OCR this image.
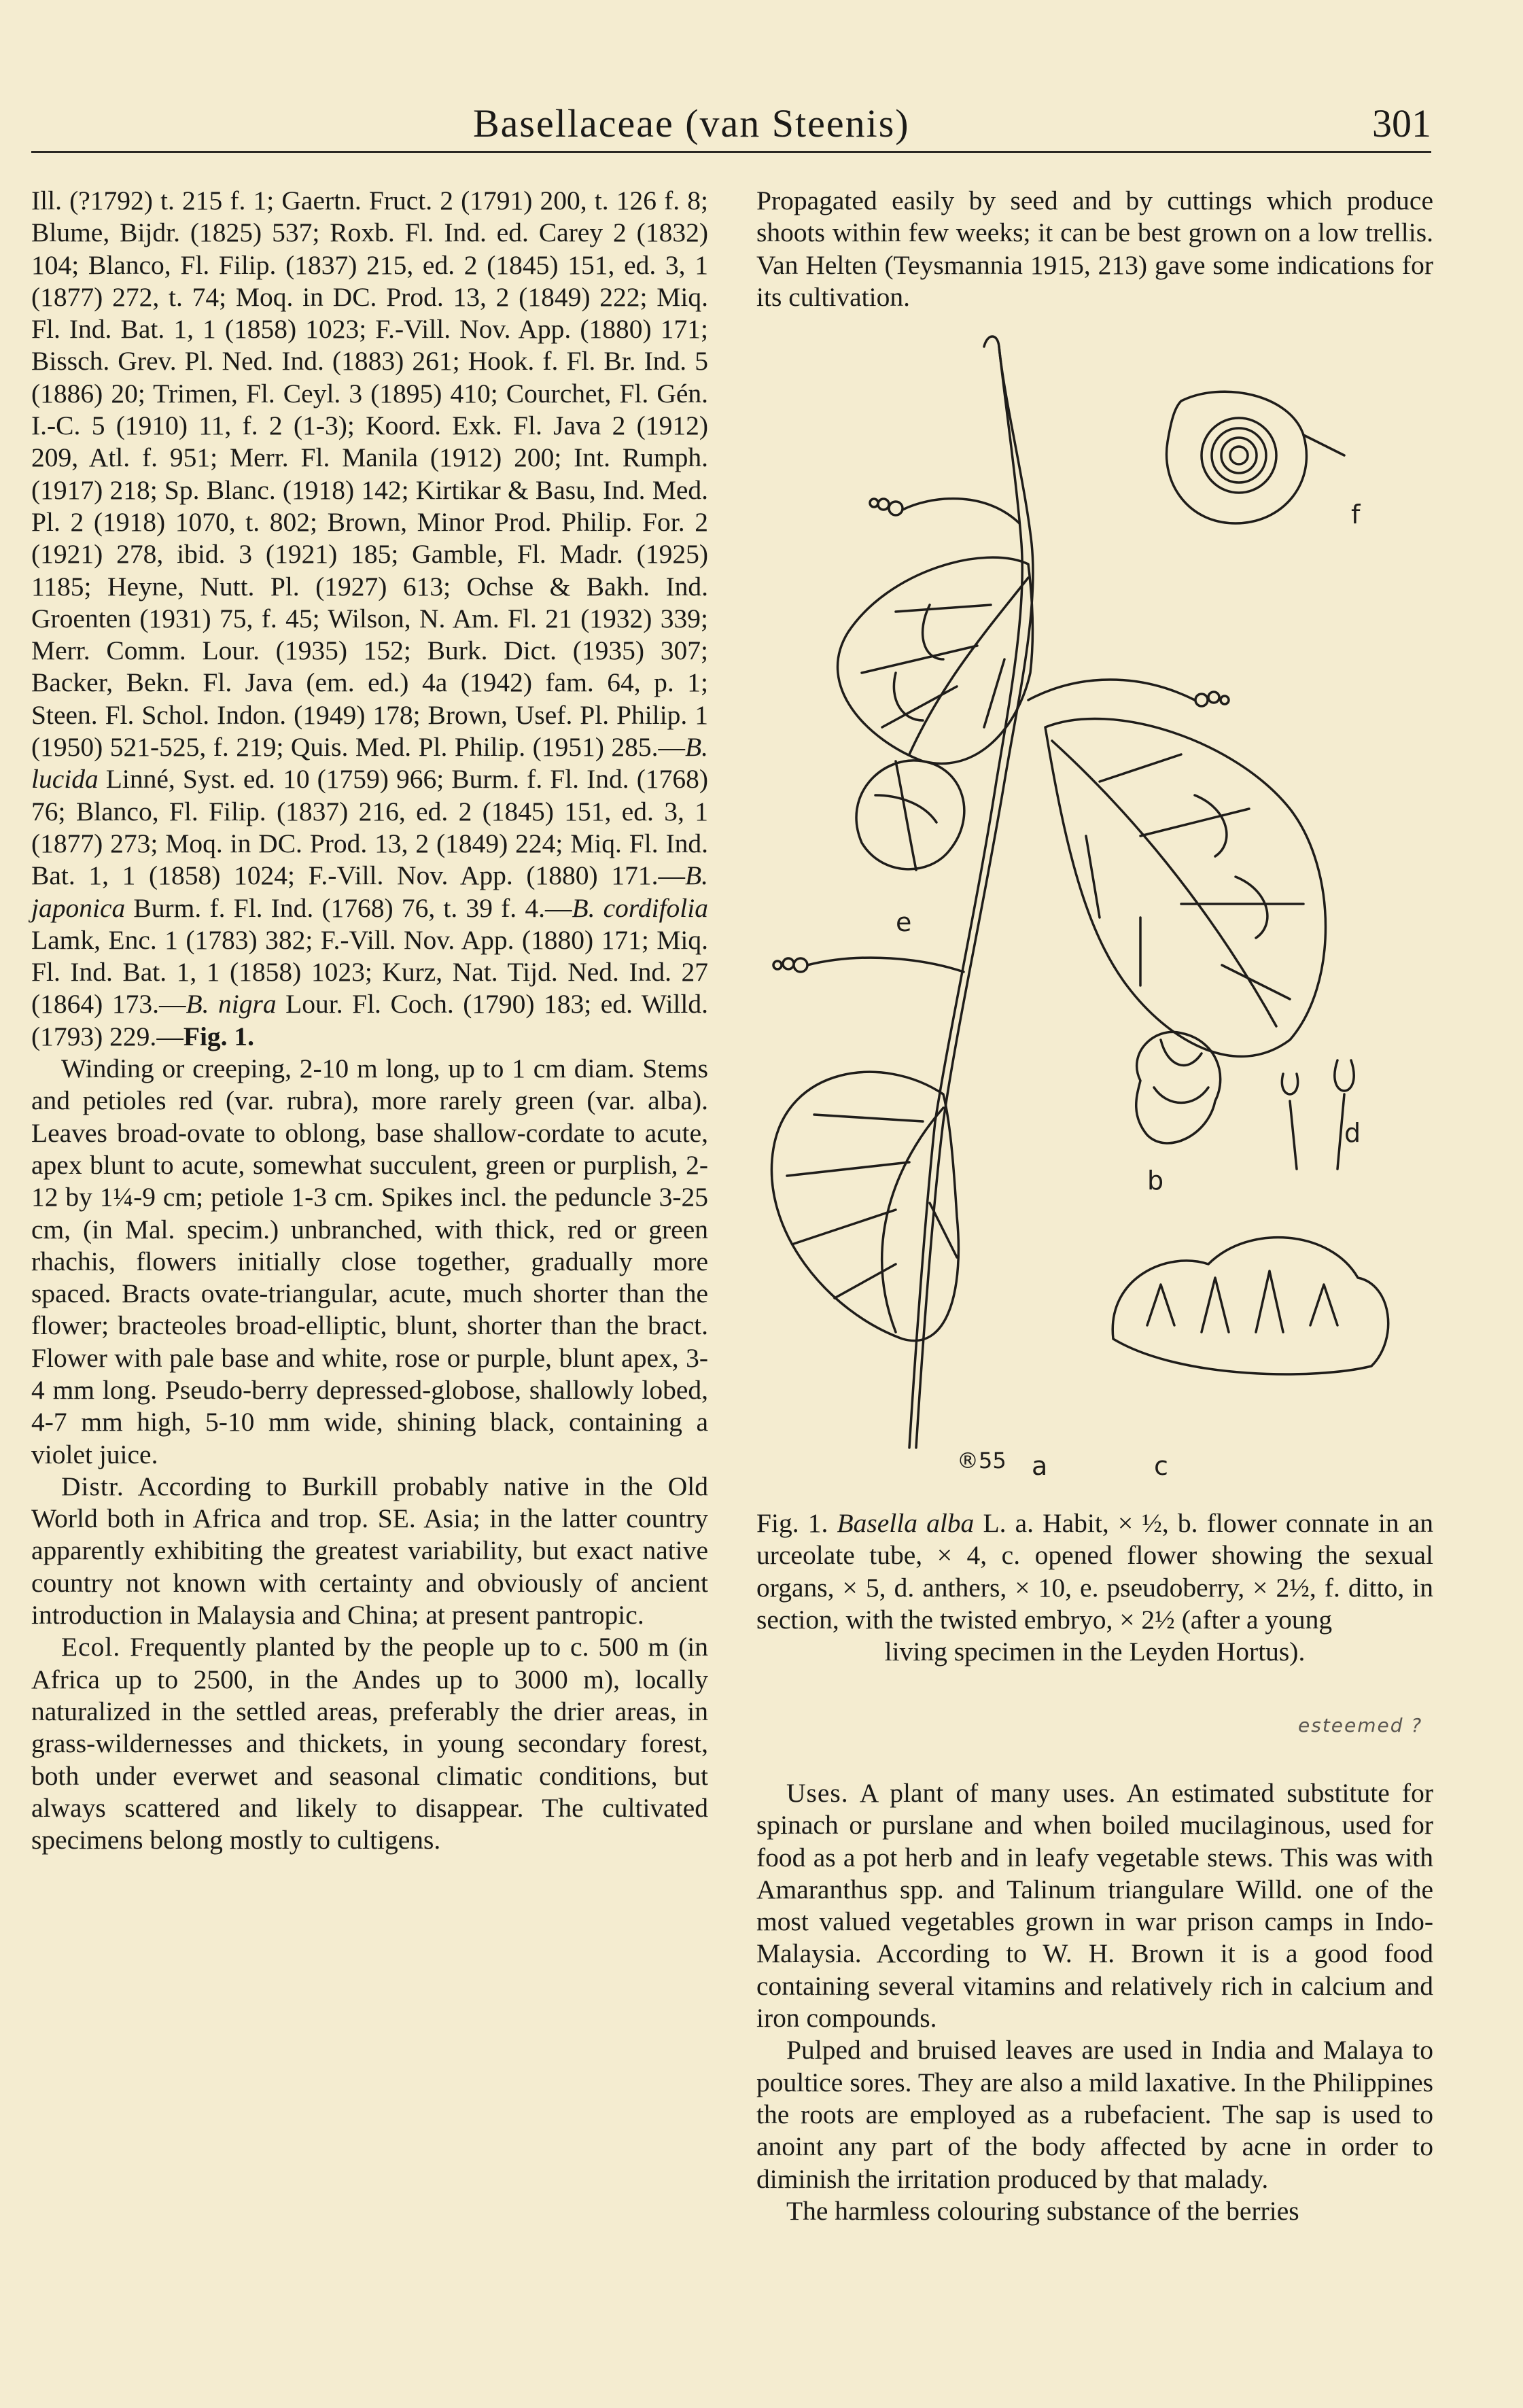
Basellaceae (van Steenis)	301

Ill. (?1792) t. 215 f. 1; Gaertn. Fruct. 2 (1791) 200, t. 126 f. 8; Blume, Bijdr. (1825) 537; Roxb. Fl. Ind. ed. Carey 2 (1832) 104; Blanco, Fl. Filip. (1837) 215, ed. 2 (1845) 151, ed. 3, 1 (1877) 272, t. 74; Moq. in DC. Prod. 13, 2 (1849) 222; Miq. Fl. Ind. Bat. 1, 1 (1858) 1023; F.-Vill. Nov. App. (1880) 171; Bissch. Grev. Pl. Ned. Ind. (1883) 261; Hook. f. Fl. Br. Ind. 5 (1886) 20; Trimen, Fl. Ceyl. 3 (1895) 410; Courchet, Fl. Gén. I.-C. 5 (1910) 11, f. 2 (1-3); Koord. Exk. Fl. Java 2 (1912) 209, Atl. f. 951; Merr. Fl. Manila (1912) 200; Int. Rumph. (1917) 218; Sp. Blanc. (1918) 142; Kirtikar & Basu, Ind. Med. Pl. 2 (1918) 1070, t. 802; Brown, Minor Prod. Philip. For. 2 (1921) 278, ibid. 3 (1921) 185; Gamble, Fl. Madr. (1925) 1185; Heyne, Nutt. Pl. (1927) 613; Ochse & Bakh. Ind. Groenten (1931) 75, f. 45; Wilson, N. Am. Fl. 21 (1932) 339; Merr. Comm. Lour. (1935) 152; Burk. Dict. (1935) 307; Backer, Bekn. Fl. Java (em. ed.) 4a (1942) fam. 64, p. 1; Steen. Fl. Schol. Indon. (1949) 178; Brown, Usef. Pl. Philip. 1 (1950) 521-525, f. 219; Quis. Med. Pl. Philip. (1951) 285.—B. lucida Linné, Syst. ed. 10 (1759) 966; Burm. f. Fl. Ind. (1768) 76; Blanco, Fl. Filip. (1837) 216, ed. 2 (1845) 151, ed. 3, 1 (1877) 273; Moq. in DC. Prod. 13, 2 (1849) 224; Miq. Fl. Ind. Bat. 1, 1 (1858) 1024; F.-Vill. Nov. App. (1880) 171.—B. japonica Burm. f. Fl. Ind. (1768) 76, t. 39 f. 4.—B. cordifolia Lamk, Enc. 1 (1783) 382; F.-Vill. Nov. App. (1880) 171; Miq. Fl. Ind. Bat. 1, 1 (1858) 1023; Kurz, Nat. Tijd. Ned. Ind. 27 (1864) 173.—B. nigra Lour. Fl. Coch. (1790) 183; ed. Willd. (1793) 229.—Fig. 1.

Winding or creeping, 2-10 m long, up to 1 cm diam. Stems and petioles red (var. rubra), more rarely green (var. alba). Leaves broad-ovate to oblong, base shallow-cordate to acute, apex blunt to acute, somewhat succulent, green or purplish, 2-12 by 1¼-9 cm; petiole 1-3 cm. Spikes incl. the peduncle 3-25 cm, (in Mal. specim.) unbranched, with thick, red or green rhachis, flowers initially close together, gradually more spaced. Bracts ovate-triangular, acute, much shorter than the flower; bracteoles broad-elliptic, blunt, shorter than the bract. Flower with pale base and white, rose or purple, blunt apex, 3-4 mm long. Pseudo-berry depressed-globose, shallowly lobed, 4-7 mm high, 5-10 mm wide, shining black, containing a violet juice.

Distr. According to Burkill probably native in the Old World both in Africa and trop. SE. Asia; in the latter country apparently exhibiting the greatest variability, but exact native country not known with certainty and obviously of ancient introduction in Malaysia and China; at present pantropic.

Ecol. Frequently planted by the people up to c. 500 m (in Africa up to 2500, in the Andes up to 3000 m), locally naturalized in the settled areas, preferably the drier areas, in grass-wildernesses and thickets, in young secondary forest, both under everwet and seasonal climatic conditions, but always scattered and likely to disappear. The cultivated specimens belong mostly to cultigens.

Propagated easily by seed and by cuttings which produce shoots within few weeks; it can be best grown on a low trellis. Van Helten (Teysmannia 1915, 213) gave some indications for its cultivation.

e
f
b
d
c
a
®55
Fig. 1. Basella alba L. a. Habit, × ½, b. flower connate in an urceolate tube, × 4, c. opened flower showing the sexual organs, × 5, d. anthers, × 10, e. pseudoberry, × 2½, f. ditto, in section, with the twisted embryo, × 2½ (after a young
living specimen in the Leyden Hortus).
esteemed ?

Uses. A plant of many uses. An estimated substitute for spinach or purslane and when boiled mucilaginous, used for food as a pot herb and in leafy vegetable stews. This was with Amaranthus spp. and Talinum triangulare Willd. one of the most valued vegetables grown in war prison camps in Indo-Malaysia. According to W. H. Brown it is a good food containing several vitamins and relatively rich in calcium and iron compounds.

Pulped and bruised leaves are used in India and Malaya to poultice sores. They are also a mild laxative. In the Philippines the roots are employed as a rubefacient. The sap is used to anoint any part of the body affected by acne in order to diminish the irritation produced by that malady.

The harmless colouring substance of the berries
